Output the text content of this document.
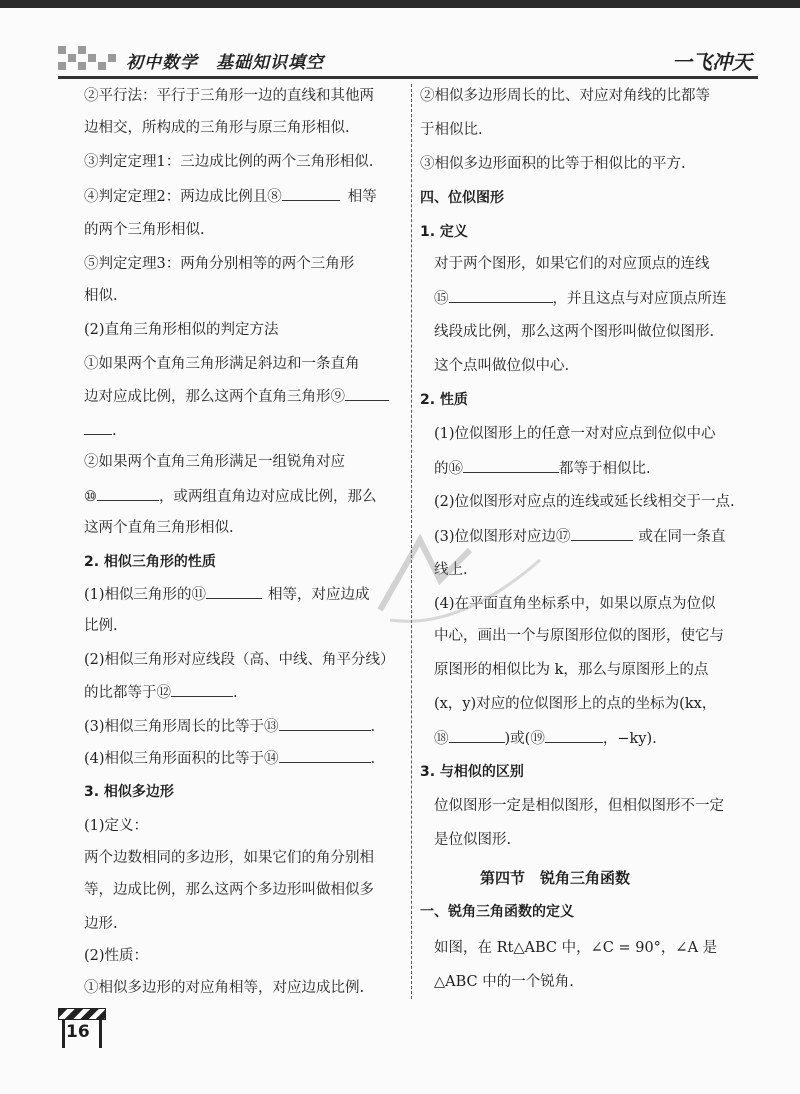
初中数学　基础知识填空	一飞冲天
②平行法：平行于三角形一边的直线和其他两
边相交，所构成的三角形与原三角形相似.
③判定定理1：三边成比例的两个三角形相似.
④判定定理2：两边成比例且⑧	相等
的两个三角形相似.
⑤判定定理3：两角分别相等的两个三角形
相似.
(2)直角三角形相似的判定方法
①如果两个直角三角形满足斜边和一条直角
边对应成比例，那么这两个直角三角形⑨
.
②如果两个直角三角形满足一组锐角对应
⑩	，或两组直角边对应成比例，那么
这两个直角三角形相似.
2. 相似三角形的性质
(1)相似三角形的⑪	相等，对应边成
比例.
(2)相似三角形对应线段（高、中线、角平分线）
的比都等于⑫	.
(3)相似三角形周长的比等于⑬	.
(4)相似三角形面积的比等于⑭	.
3. 相似多边形
(1)定义：
两个边数相同的多边形，如果它们的角分别相
等，边成比例，那么这两个多边形叫做相似多
边形.
(2)性质：
①相似多边形的对应角相等，对应边成比例.
②相似多边形周长的比、对应对角线的比都等
于相似比.
③相似多边形面积的比等于相似比的平方.
四、位似图形
1. 定义
对于两个图形，如果它们的对应顶点的连线
⑮	，并且这点与对应顶点所连
线段成比例，那么这两个图形叫做位似图形.
这个点叫做位似中心.
2. 性质
(1)位似图形上的任意一对对应点到位似中心
的⑯	都等于相似比.
(2)位似图形对应点的连线或延长线相交于一点.
(3)位似图形对应边⑰	或在同一条直
线上.
(4)在平面直角坐标系中，如果以原点为位似
中心，画出一个与原图形位似的图形，使它与
原图形的相似比为 k，那么与原图形上的点
(x，y)对应的位似图形上的点的坐标为(kx，
⑱	)或(⑲	，−ky).
3. 与相似的区别
位似图形一定是相似图形，但相似图形不一定
是位似图形.
第四节　锐角三角函数
一、锐角三角函数的定义
如图，在 Rt△ABC 中，∠C = 90°，∠A 是
△ABC 中的一个锐角.
16
